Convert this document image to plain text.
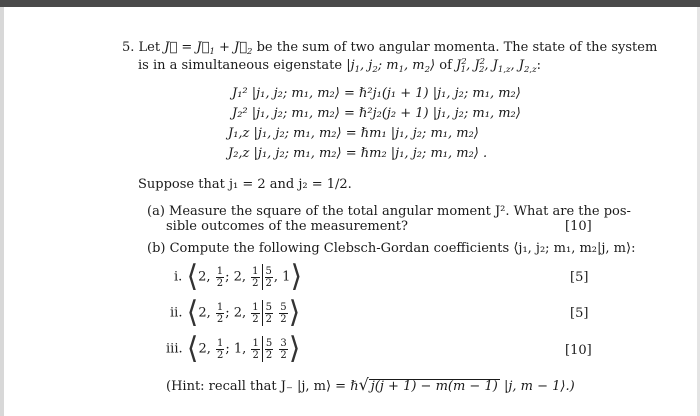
5. Let J⃗ = $J⃗_1$ + $J⃗_2$ be the sum of two angular momenta. The state of the system
is in a simultaneous eigenstate $|j_1$, $j_2$; $m_1$, $m_2⟩$ of $J^2_1$, $J^2_2$, $J_{1,z}$, $J_{2,z}$:
J₁² |j₁, j₂; m₁, m₂⟩ = ℏ²j₁(j₁ + 1) |j₁, j₂; m₁, m₂⟩
J₂² |j₁, j₂; m₁, m₂⟩ = ℏ²j₂(j₂ + 1) |j₁, j₂; m₁, m₂⟩
J₁,z |j₁, j₂; m₁, m₂⟩ = ℏm₁ |j₁, j₂; m₁, m₂⟩
J₂,z |j₁, j₂; m₁, m₂⟩ = ℏm₂ |j₁, j₂; m₁, m₂⟩ .
Suppose that j₁ = 2 and j₂ = 1/2.
(a) Measure the square of the total angular moment J². What are the pos-
sible outcomes of the measurement?	[10]
(b) Compute the following Clebsch-Gordan coefficients ⟨j₁, j₂; m₁, m₂|j, m⟩:
i. ⟨2, $\frac{1}{2}$ ; 2, $\frac{1}{2} \frac{5}{2}$ , 1⟩	[5]
ii. ⟨2, $\frac{1}{2}$ ; 2, $\frac{1}{2} \frac{5}{2}$
$\frac{5}{2}$ ⟩	[5]
iii. ⟨2, $\frac{1}{2}$ ; 1, $\frac{1}{2} \frac{5}{2}$
$\frac{3}{2}$ ⟩	[10]
(Hint: recall that J₋ |j, m⟩ = ℏ√ j(j + 1) − m(m − 1) |j, m − 1⟩.)
